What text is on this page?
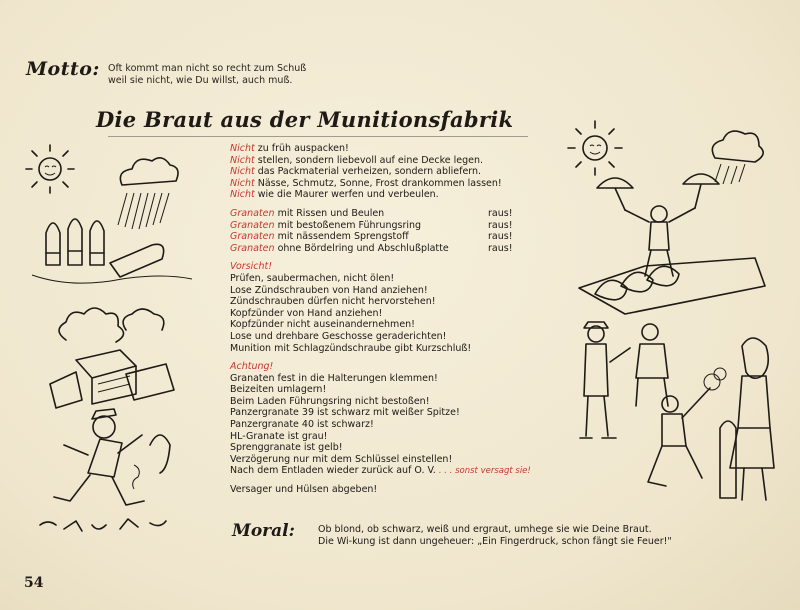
Motto: Oft kommt man nicht so recht zum Schuß
weil sie nicht, wie Du willst, auch muß.
Die Braut aus der Munitionsfabrik
Nicht zu früh auspacken!
Nicht stellen, sondern liebevoll auf eine Decke legen.
Nicht das Packmaterial verheizen, sondern abliefern.
Nicht Nässe, Schmutz, Sonne, Frost drankommen lassen!
Nicht wie die Maurer werfen und verbeulen.
Granaten mit Rissen und Beulen	raus!
Granaten mit bestoßenem Führungsring	raus!
Granaten mit nässendem Sprengstoff	raus!
Granaten ohne Bördelring und Abschlußplatte	raus!
Vorsicht!
Prüfen, saubermachen, nicht ölen!
Lose Zündschrauben von Hand anziehen!
Zündschrauben dürfen nicht hervorstehen!
Kopfzünder von Hand anziehen!
Kopfzünder nicht auseinandernehmen!
Lose und drehbare Geschosse geraderichten!
Munition mit Schlagzündschraube gibt Kurzschluß!
Achtung!
Granaten fest in die Halterungen klemmen!
Beizeiten umlagern!
Beim Laden Führungsring nicht bestoßen!
Panzergranate 39 ist schwarz mit weißer Spitze!
Panzergranate 40 ist schwarz!
HL-Granate ist grau!
Sprenggranate ist gelb!
Verzögerung nur mit dem Schlüssel einstellen!
Nach dem Entladen wieder zurück auf O. V. . . . sonst versagt sie!
Versager und Hülsen abgeben!
Moral: Ob blond, ob schwarz, weiß und ergraut, umhege sie wie Deine Braut.
Die Wi-kung ist dann ungeheuer: „Ein Fingerdruck, schon fängt sie Feuer!"
54
